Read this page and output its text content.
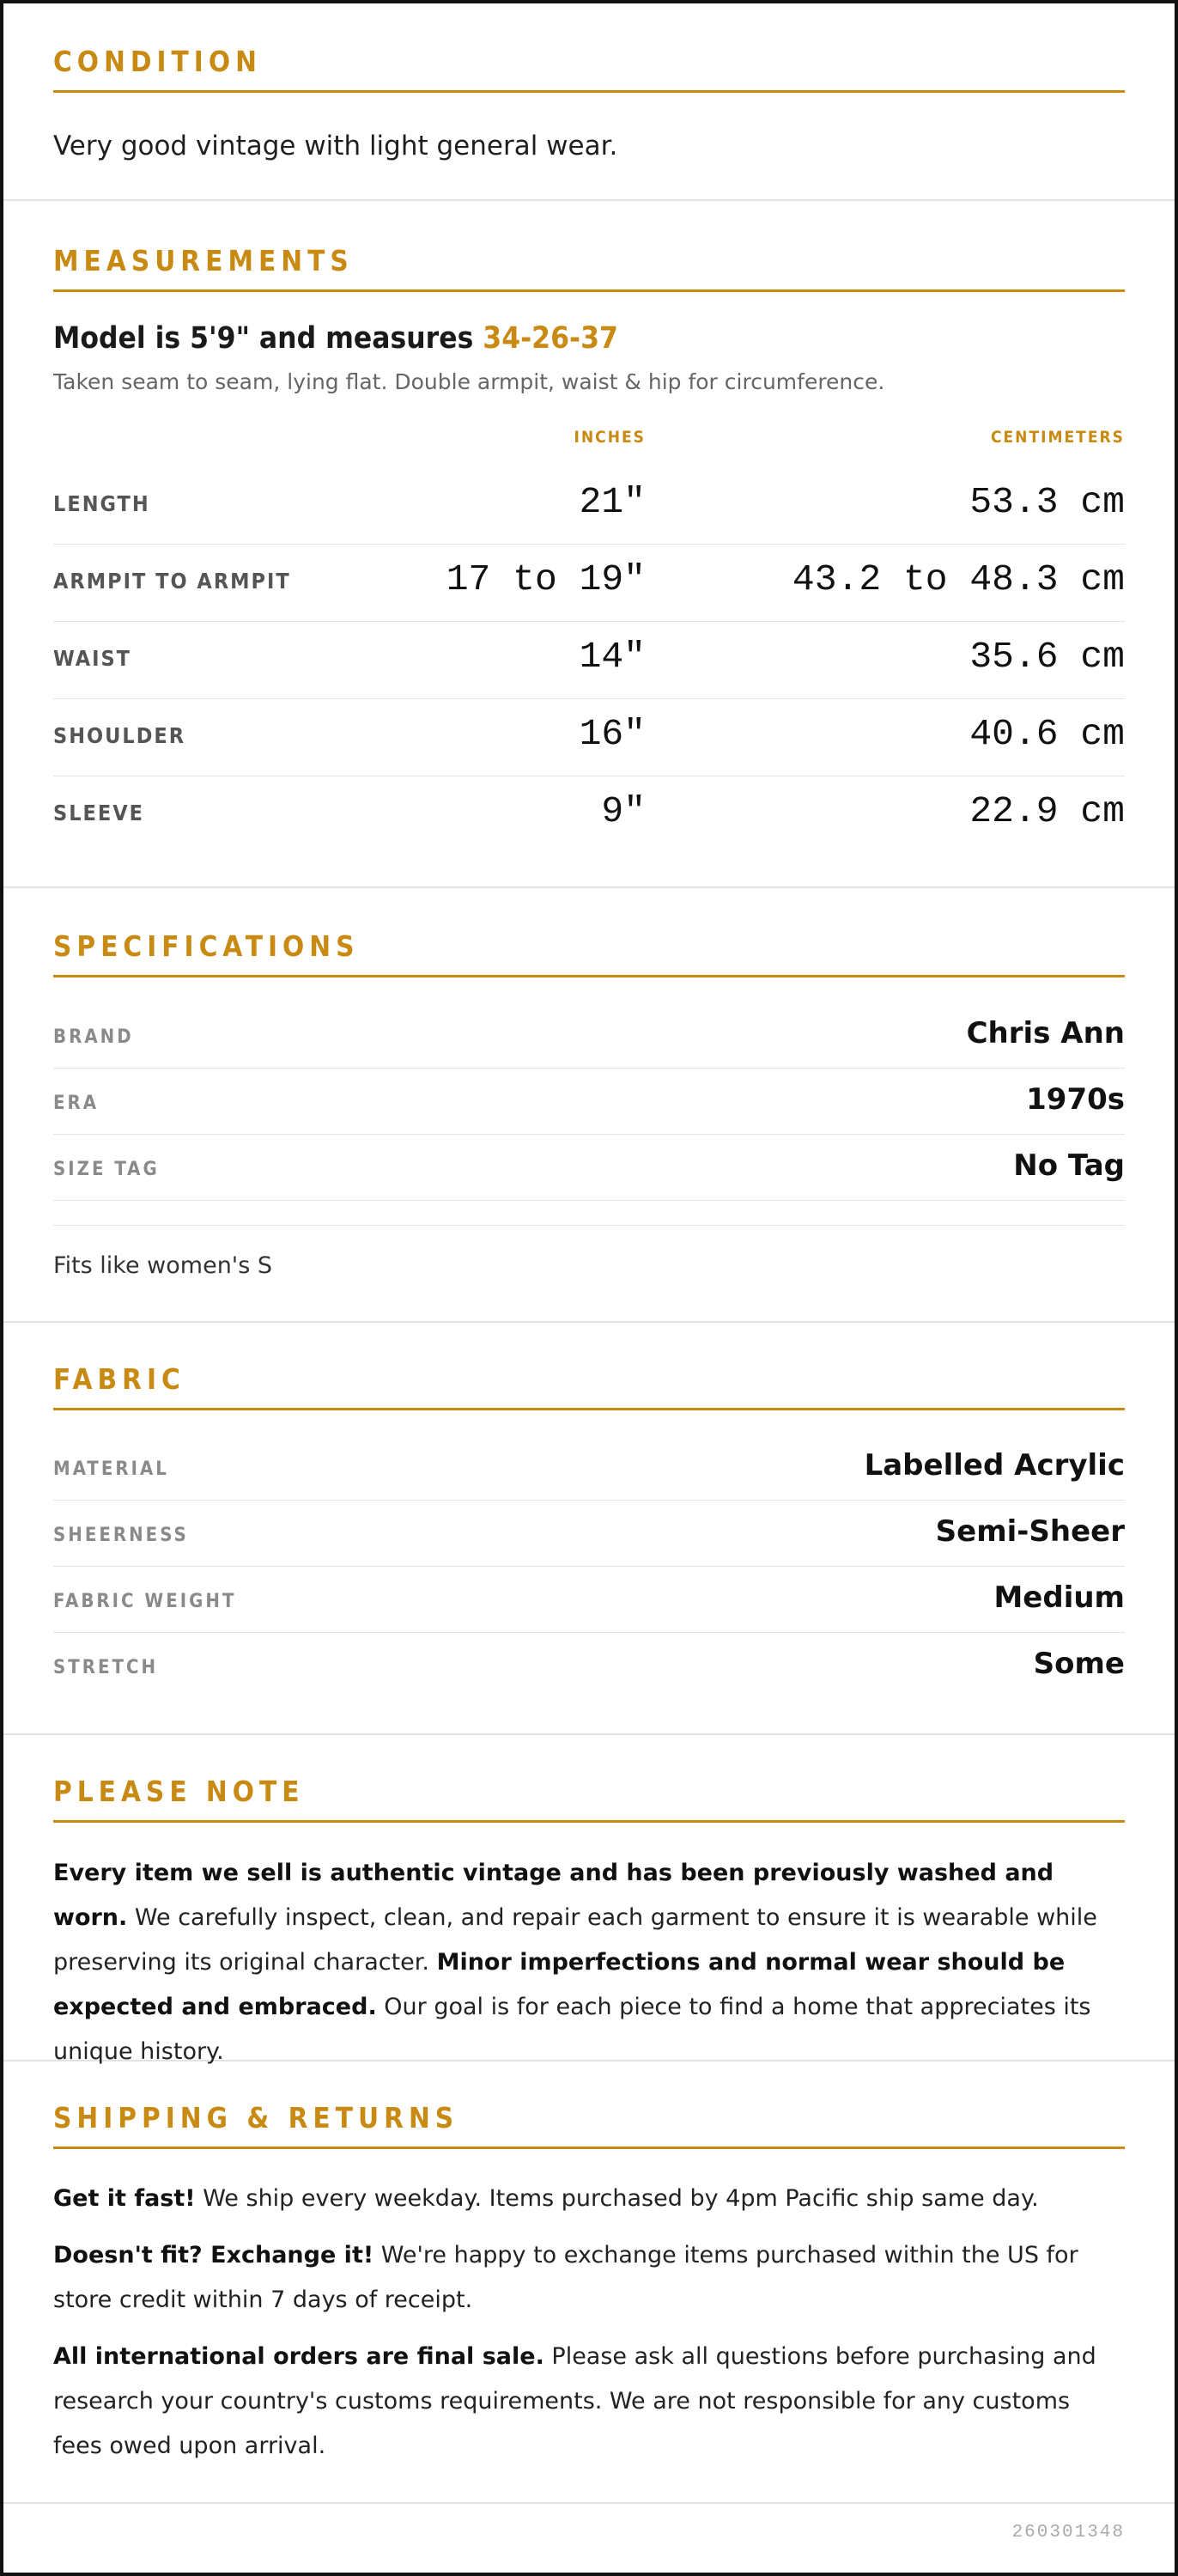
CONDITION
Very good vintage with light general wear.
MEASUREMENTS
Model is 5'9" and measures 34-26-37
Taken seam to seam, lying flat. Double armpit, waist & hip for circumference.
INCHES	CENTIMETERS
LENGTH	21"	53.3 cm
ARMPIT TO ARMPIT	17 to 19"	43.2 to 48.3 cm
WAIST	14"	35.6 cm
SHOULDER	16"	40.6 cm
SLEEVE	9"	22.9 cm
SPECIFICATIONS
BRAND	Chris Ann
ERA	1970s
SIZE TAG	No Tag
Fits like women's S
FABRIC
MATERIAL	Labelled Acrylic
SHEERNESS	Semi-Sheer
FABRIC WEIGHT	Medium
STRETCH	Some
PLEASE NOTE

Every item we sell is authentic vintage and has been previously washed and worn. We carefully inspect, clean, and repair each garment to ensure it is wearable while preserving its original character. Minor imperfections and normal wear should be expected and embraced. Our goal is for each piece to find a home that appreciates its unique history.

SHIPPING & RETURNS

Get it fast! We ship every weekday. Items purchased by 4pm Pacific ship same day.

Doesn't fit? Exchange it! We're happy to exchange items purchased within the US for store credit within 7 days of receipt.

All international orders are final sale. Please ask all questions before purchasing and research your country's customs requirements. We are not responsible for any customs fees owed upon arrival.

260301348
